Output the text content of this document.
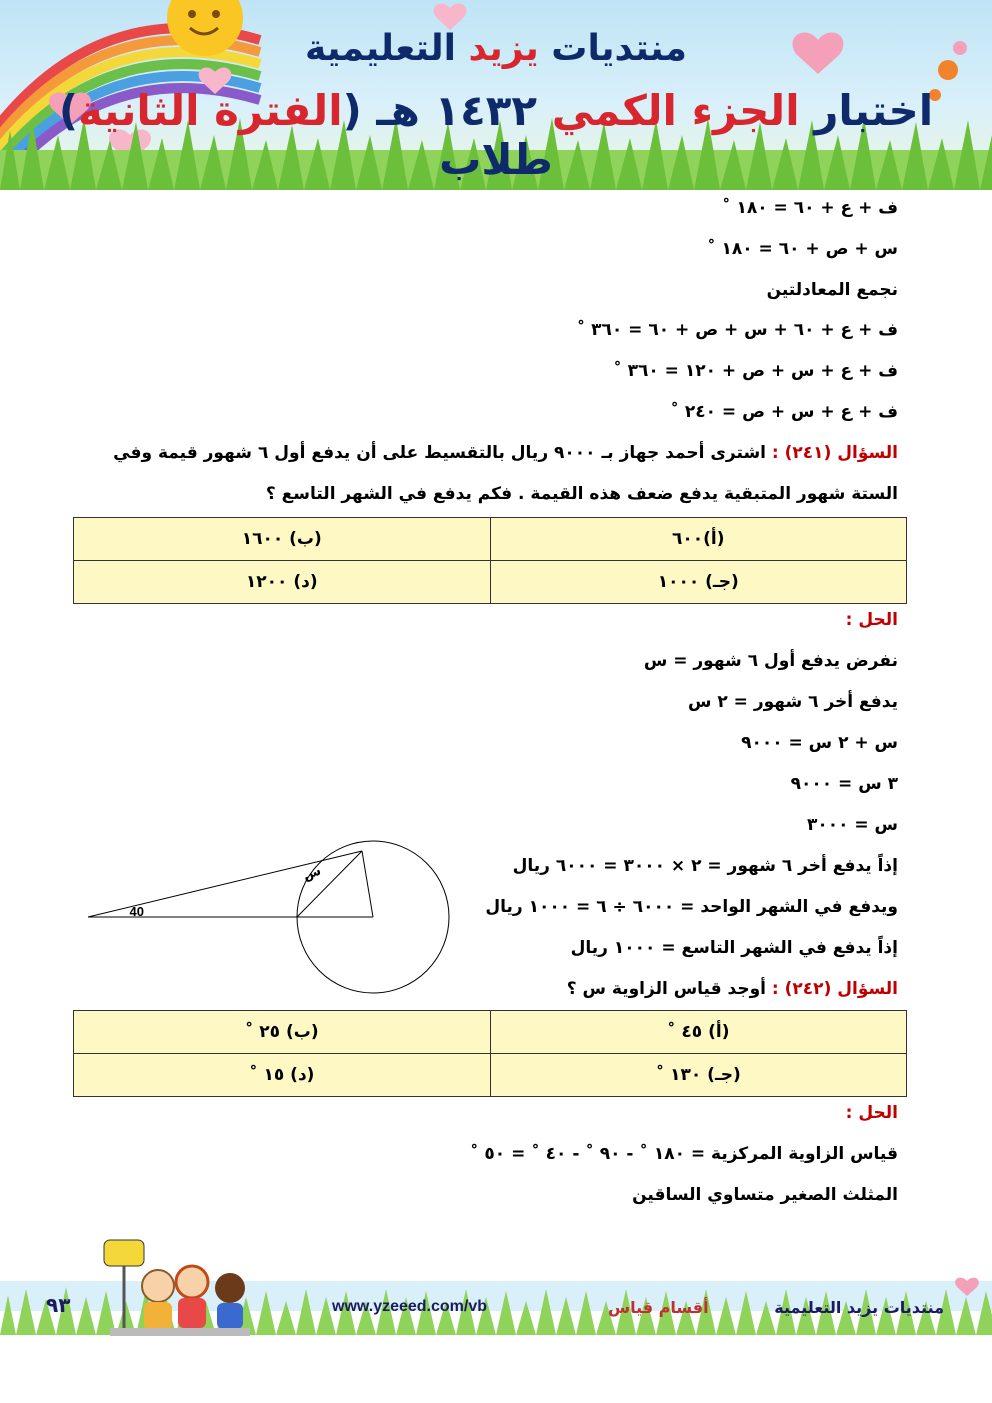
منتديات يزيد التعليمية
اختبار الجزء الكمي ١٤٣٢ هـ (الفترة الثانية) طلاب
ف + ع + ٦٠ = ١٨٠ ˚
س + ص + ٦٠ = ١٨٠ ˚
نجمع المعادلتين
ف + ع + ٦٠ + س + ص + ٦٠ = ٣٦٠ ˚
ف + ع + س + ص + ١٢٠ = ٣٦٠ ˚
ف + ع + س + ص = ٢٤٠ ˚
السؤال (٢٤١) : اشترى أحمد جهاز بـ ٩٠٠٠ ريال بالتقسيط على أن يدفع أول ٦ شهور قيمة وفي
الستة شهور المتبقية يدفع ضعف هذه القيمة . فكم يدفع في الشهر التاسع ؟
(أ)٦٠٠	(ب) ١٦٠٠
(جـ) ١٠٠٠	(د) ١٢٠٠
الحل :
نفرض يدفع أول ٦ شهور = س
يدفع أخر ٦ شهور = ٢ س
س + ٢ س = ٩٠٠٠
٣ س = ٩٠٠٠
س = ٣٠٠٠
إذاً يدفع أخر ٦ شهور = ٢ × ٣٠٠٠ = ٦٠٠٠ ريال
ويدفع في الشهر الواحد = ٦٠٠٠ ÷ ٦ = ١٠٠٠ ريال
إذاً يدفع في الشهر التاسع = ١٠٠٠ ريال
40
س
السؤال (٢٤٢) : أوجد قياس الزاوية س ؟
(أ) ٤٥ ˚	(ب) ٢٥ ˚
(جـ) ١٣٠ ˚	(د) ١٥ ˚
الحل :
قياس الزاوية المركزية = ١٨٠ ˚ - ٩٠ ˚ - ٤٠ ˚ = ٥٠ ˚
المثلث الصغير متساوي الساقين
٩٣	www.yzeeed.com/vb	أقسام قياس	منتديات يزيد التعليمية
